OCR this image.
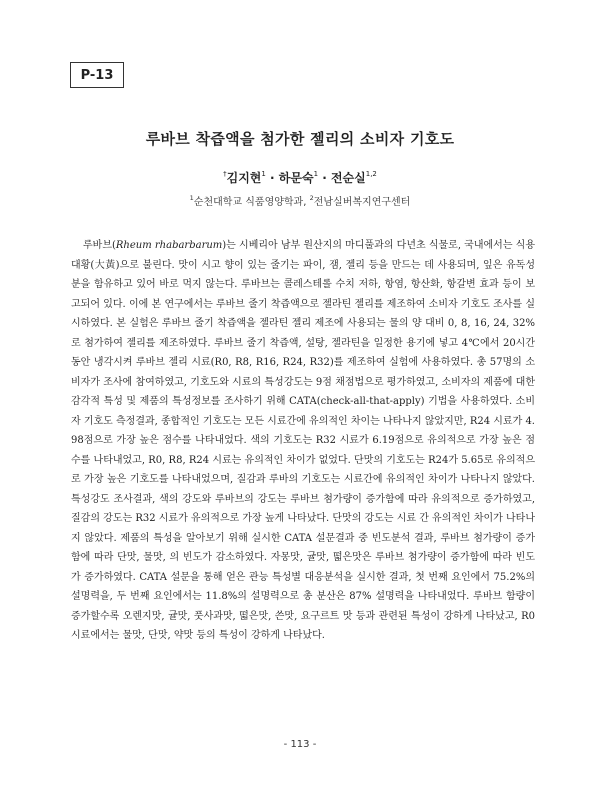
P-13
루바브 착즙액을 첨가한 젤리의 소비자 기호도
†김지현$^1$ · 하문숙$^1$ · 전순실$^{1,2}$
$^1$순천대학교 식품영양학과, $^2$전남실버복지연구센터

루바브(Rheum rhabarbarum)는 시베리아 남부 원산지의 마디풀과의 다년초 식물로, 국내에서는 식용대황(大黃)으로 불린다. 맛이 시고 향이 있는 줄기는 파이, 잼, 젤리 등을 만드는 데 사용되며, 잎은 유독성분을 함유하고 있어 바로 먹지 않는다. 루바브는 콜레스테롤 수치 저하, 항염, 항산화, 항갈변 효과 등이 보고되어 있다. 이에 본 연구에서는 루바브 줄기 착즙액으로 젤라틴 젤리를 제조하여 소비자 기호도 조사를 실시하였다. 본 실험은 루바브 줄기 착즙액을 젤라틴 젤리 제조에 사용되는 물의 양 대비 0, 8, 16, 24, 32%로 첨가하여 젤리를 제조하였다. 루바브 줄기 착즙액, 설탕, 젤라틴을 일정한 용기에 넣고 4℃에서 20시간 동안 냉각시켜 루바브 젤리 시료(R0, R8, R16, R24, R32)를 제조하여 실험에 사용하였다. 총 57명의 소비자가 조사에 참여하였고, 기호도와 시료의 특성강도는 9점 채점법으로 평가하였고, 소비자의 제품에 대한 감각적 특성 및 제품의 특성정보를 조사하기 위해 CATA(check-all-that-apply) 기법을 사용하였다. 소비자 기호도 측정결과, 종합적인 기호도는 모든 시료간에 유의적인 차이는 나타나지 않았지만, R24 시료가 4.98점으로 가장 높은 점수를 나타내었다. 색의 기호도는 R32 시료가 6.19점으로 유의적으로 가장 높은 점수를 나타내었고, R0, R8, R24 시료는 유의적인 차이가 없었다. 단맛의 기호도는 R24가 5.65로 유의적으로 가장 높은 기호도를 나타내었으며, 질감과 루바의 기호도는 시료간에 유의적인 차이가 나타나지 않았다. 특성강도 조사결과, 색의 강도와 루바브의 강도는 루바브 첨가량이 증가함에 따라 유의적으로 증가하였고, 질감의 강도는 R32 시료가 유의적으로 가장 높게 나타났다. 단맛의 강도는 시료 간 유의적인 차이가 나타나지 않았다. 제품의 특성을 알아보기 위해 실시한 CATA 설문결과 중 빈도분석 결과, 루바브 첨가량이 증가함에 따라 단맛, 물맛, 의 빈도가 감소하였다. 자몽맛, 귤맛, 떫은맛은 루바브 첨가량이 증가함에 따라 빈도가 증가하였다. CATA 설문을 통해 얻은 관능 특성별 대응분석을 실시한 결과, 첫 번째 요인에서 75.2%의 설명력을, 두 번째 요인에서는 11.8%의 설명력으로 총 분산은 87% 설명력을 나타내었다. 루바브 함량이 증가할수록 오렌지맛, 귤맛, 풋사과맛, 떫은맛, 쓴맛, 요구르트 맛 등과 관련된 특성이 강하게 나타났고, R0 시료에서는 물맛, 단맛, 약맛 등의 특성이 강하게 나타났다.

- 113 -
